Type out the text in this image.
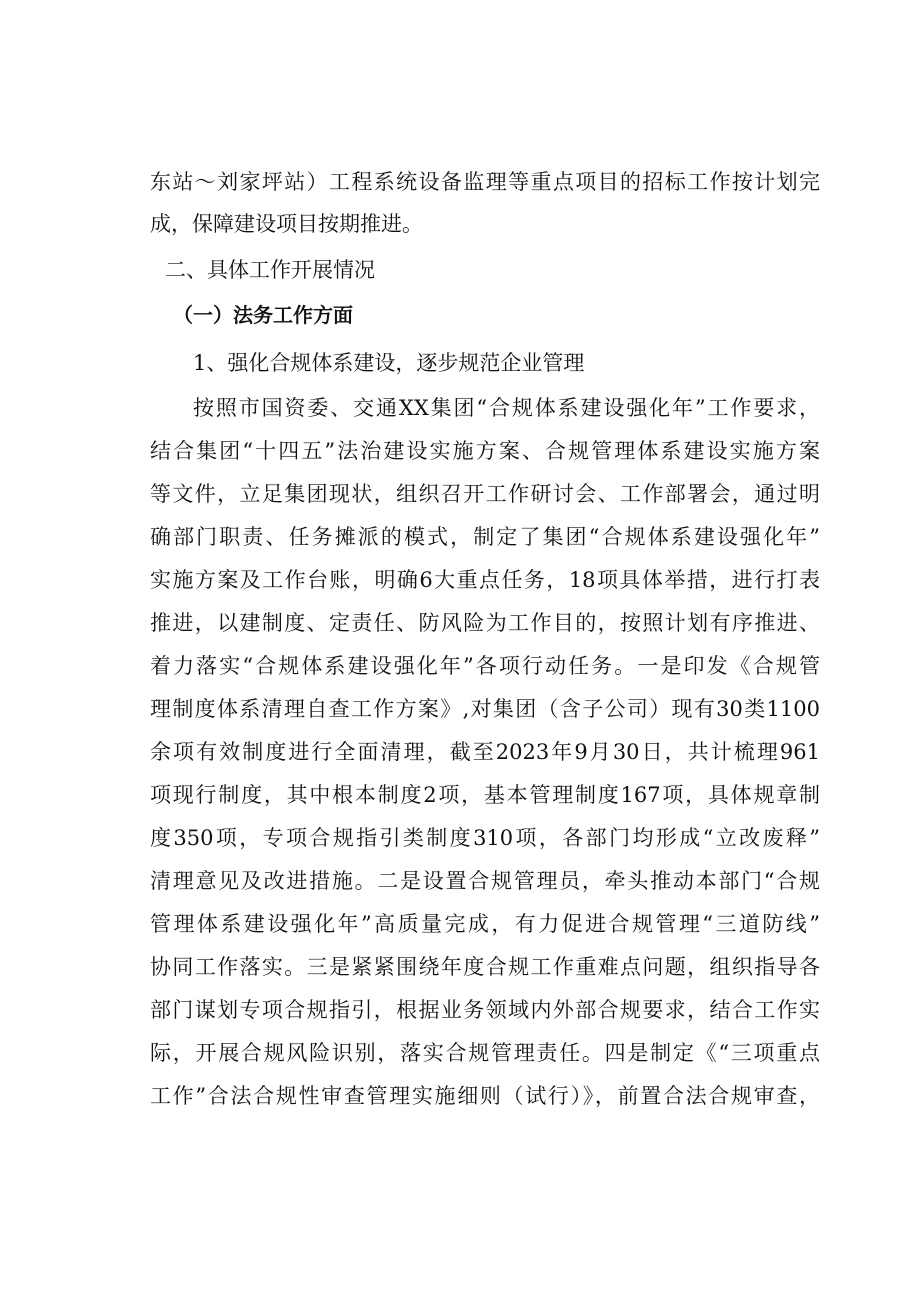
东站～刘家坪站）工程系统设备监理等重点项目的招标工作按计划完
成，保障建设项目按期推进。
二、具体工作开展情况
（一）法务工作方面
1、强化合规体系建设，逐步规范企业管理
按照市国资委、交通XX集团“合规体系建设强化年”工作要求，
结合集团“十四五”法治建设实施方案、合规管理体系建设实施方案
等文件，立足集团现状，组织召开工作研讨会、工作部署会，通过明
确部门职责、任务摊派的模式，制定了集团“合规体系建设强化年”
实施方案及工作台账，明确6大重点任务，18项具体举措，进行打表
推进，以建制度、定责任、防风险为工作目的，按照计划有序推进、
着力落实“合规体系建设强化年”各项行动任务。一是印发《合规管
理制度体系清理自查工作方案》,对集团（含子公司）现有30类1100
余项有效制度进行全面清理，截至2023年9月30日，共计梳理961
项现行制度，其中根本制度2项，基本管理制度167项，具体规章制
度350项，专项合规指引类制度310项，各部门均形成“立改废释”
清理意见及改进措施。二是设置合规管理员，牵头推动本部门“合规
管理体系建设强化年”高质量完成，有力促进合规管理“三道防线”
协同工作落实。三是紧紧围绕年度合规工作重难点问题，组织指导各
部门谋划专项合规指引，根据业务领域内外部合规要求，结合工作实
际，开展合规风险识别，落实合规管理责任。四是制定《“三项重点
工作”合法合规性审查管理实施细则（试行）》，前置合法合规审查，
